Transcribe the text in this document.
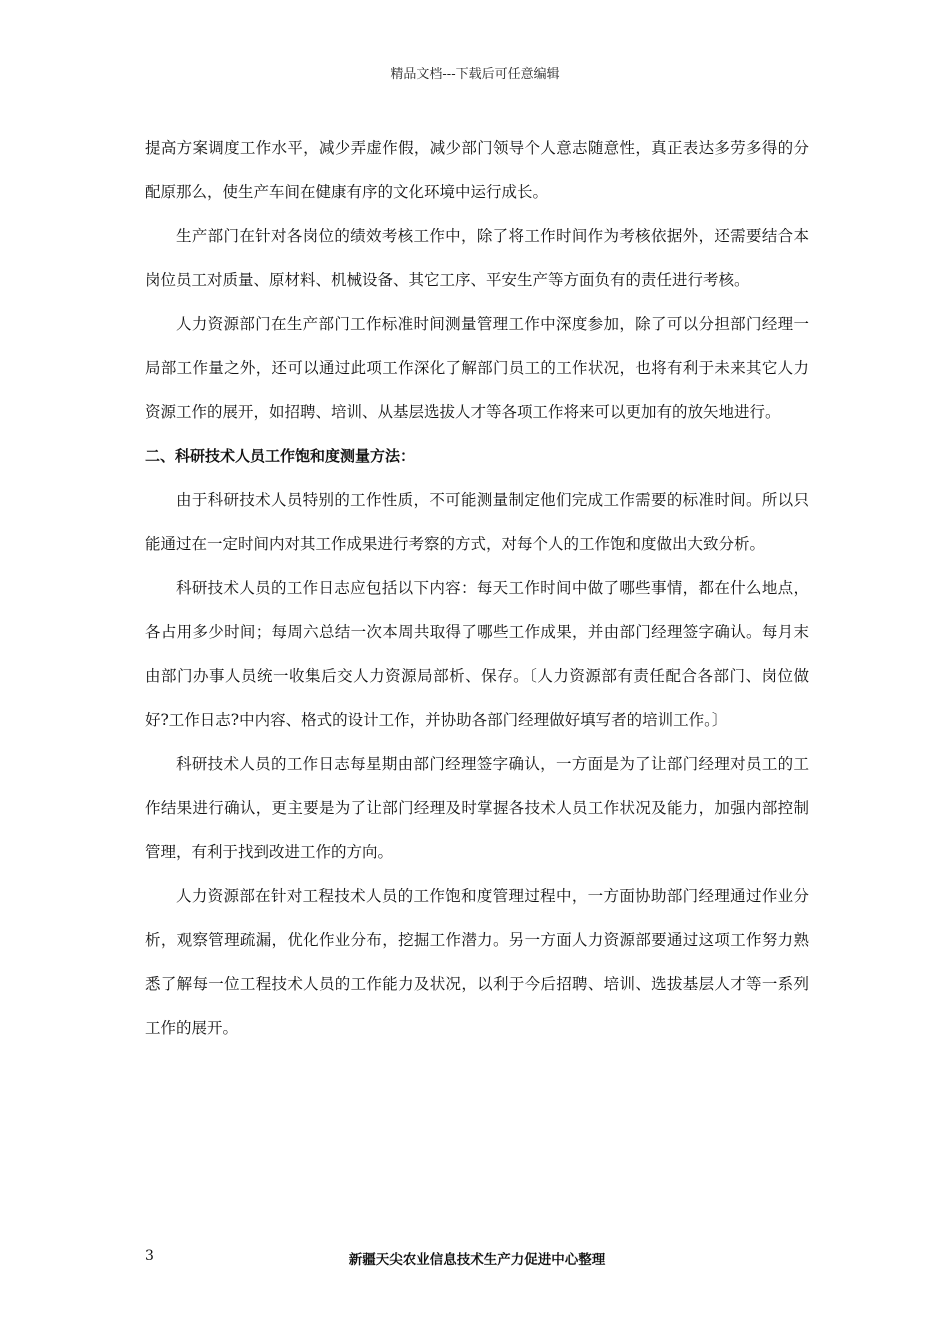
精品文档---下载后可任意编辑

提高方案调度工作水平，减少弄虚作假，减少部门领导个人意志随意性，真正表达多劳多得的分配原那么，使生产车间在健康有序的文化环境中运行成长。

生产部门在针对各岗位的绩效考核工作中，除了将工作时间作为考核依据外，还需要结合本岗位员工对质量、原材料、机械设备、其它工序、平安生产等方面负有的责任进行考核。

人力资源部门在生产部门工作标准时间测量管理工作中深度参加，除了可以分担部门经理一局部工作量之外，还可以通过此项工作深化了解部门员工的工作状况，也将有利于未来其它人力资源工作的展开，如招聘、培训、从基层选拔人才等各项工作将来可以更加有的放矢地进行。

二、科研技术人员工作饱和度测量方法：

由于科研技术人员特别的工作性质，不可能测量制定他们完成工作需要的标准时间。所以只能通过在一定时间内对其工作成果进行考察的方式，对每个人的工作饱和度做出大致分析。

科研技术人员的工作日志应包括以下内容：每天工作时间中做了哪些事情，都在什么地点，各占用多少时间；每周六总结一次本周共取得了哪些工作成果，并由部门经理签字确认。每月末由部门办事人员统一收集后交人力资源局部析、保存。〔人力资源部有责任配合各部门、岗位做好?工作日志?中内容、格式的设计工作，并协助各部门经理做好填写者的培训工作。〕

科研技术人员的工作日志每星期由部门经理签字确认，一方面是为了让部门经理对员工的工作结果进行确认，更主要是为了让部门经理及时掌握各技术人员工作状况及能力，加强内部控制管理，有利于找到改进工作的方向。

人力资源部在针对工程技术人员的工作饱和度管理过程中，一方面协助部门经理通过作业分析，观察管理疏漏，优化作业分布，挖掘工作潜力。另一方面人力资源部要通过这项工作努力熟悉了解每一位工程技术人员的工作能力及状况，以利于今后招聘、培训、选拔基层人才等一系列工作的展开。

3	新疆天尖农业信息技术生产力促进中心整理
